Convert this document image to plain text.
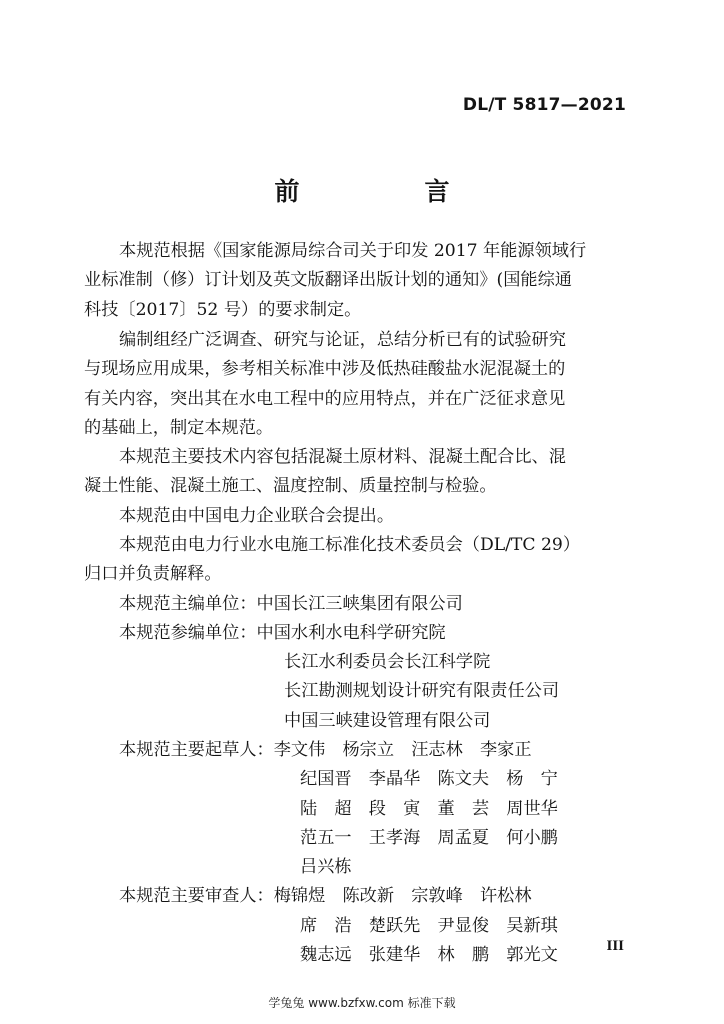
DL/T 5817—2021
前　言
本规范根据《国家能源局综合司关于印发 2017 年能源领域行
业标准制（修）订计划及英文版翻译出版计划的通知》(国能综通
科技〔2017〕52 号）的要求制定。
编制组经广泛调查、研究与论证，总结分析已有的试验研究
与现场应用成果，参考相关标准中涉及低热硅酸盐水泥混凝土的
有关内容，突出其在水电工程中的应用特点，并在广泛征求意见
的基础上，制定本规范。
本规范主要技术内容包括混凝土原材料、混凝土配合比、混
凝土性能、混凝土施工、温度控制、质量控制与检验。
本规范由中国电力企业联合会提出。
本规范由电力行业水电施工标准化技术委员会（DL/TC 29）
归口并负责解释。
本规范主编单位：中国长江三峡集团有限公司
本规范参编单位：中国水利水电科学研究院
长江水利委员会长江科学院
长江勘测规划设计研究有限责任公司
中国三峡建设管理有限公司
本规范主要起草人：李文伟　杨宗立　汪志林　李家正
纪国晋　李晶华　陈文夫　杨　宁
陆　超　段　寅　董　芸　周世华
范五一　王孝海　周孟夏　何小鹏
吕兴栋
本规范主要审查人：梅锦煜　陈改新　宗敦峰　许松林
席　浩　楚跃先　尹显俊　吴新琪
魏志远　张建华　林　鹏　郭光文	III
学兔兔 www.bzfxw.com 标准下载
